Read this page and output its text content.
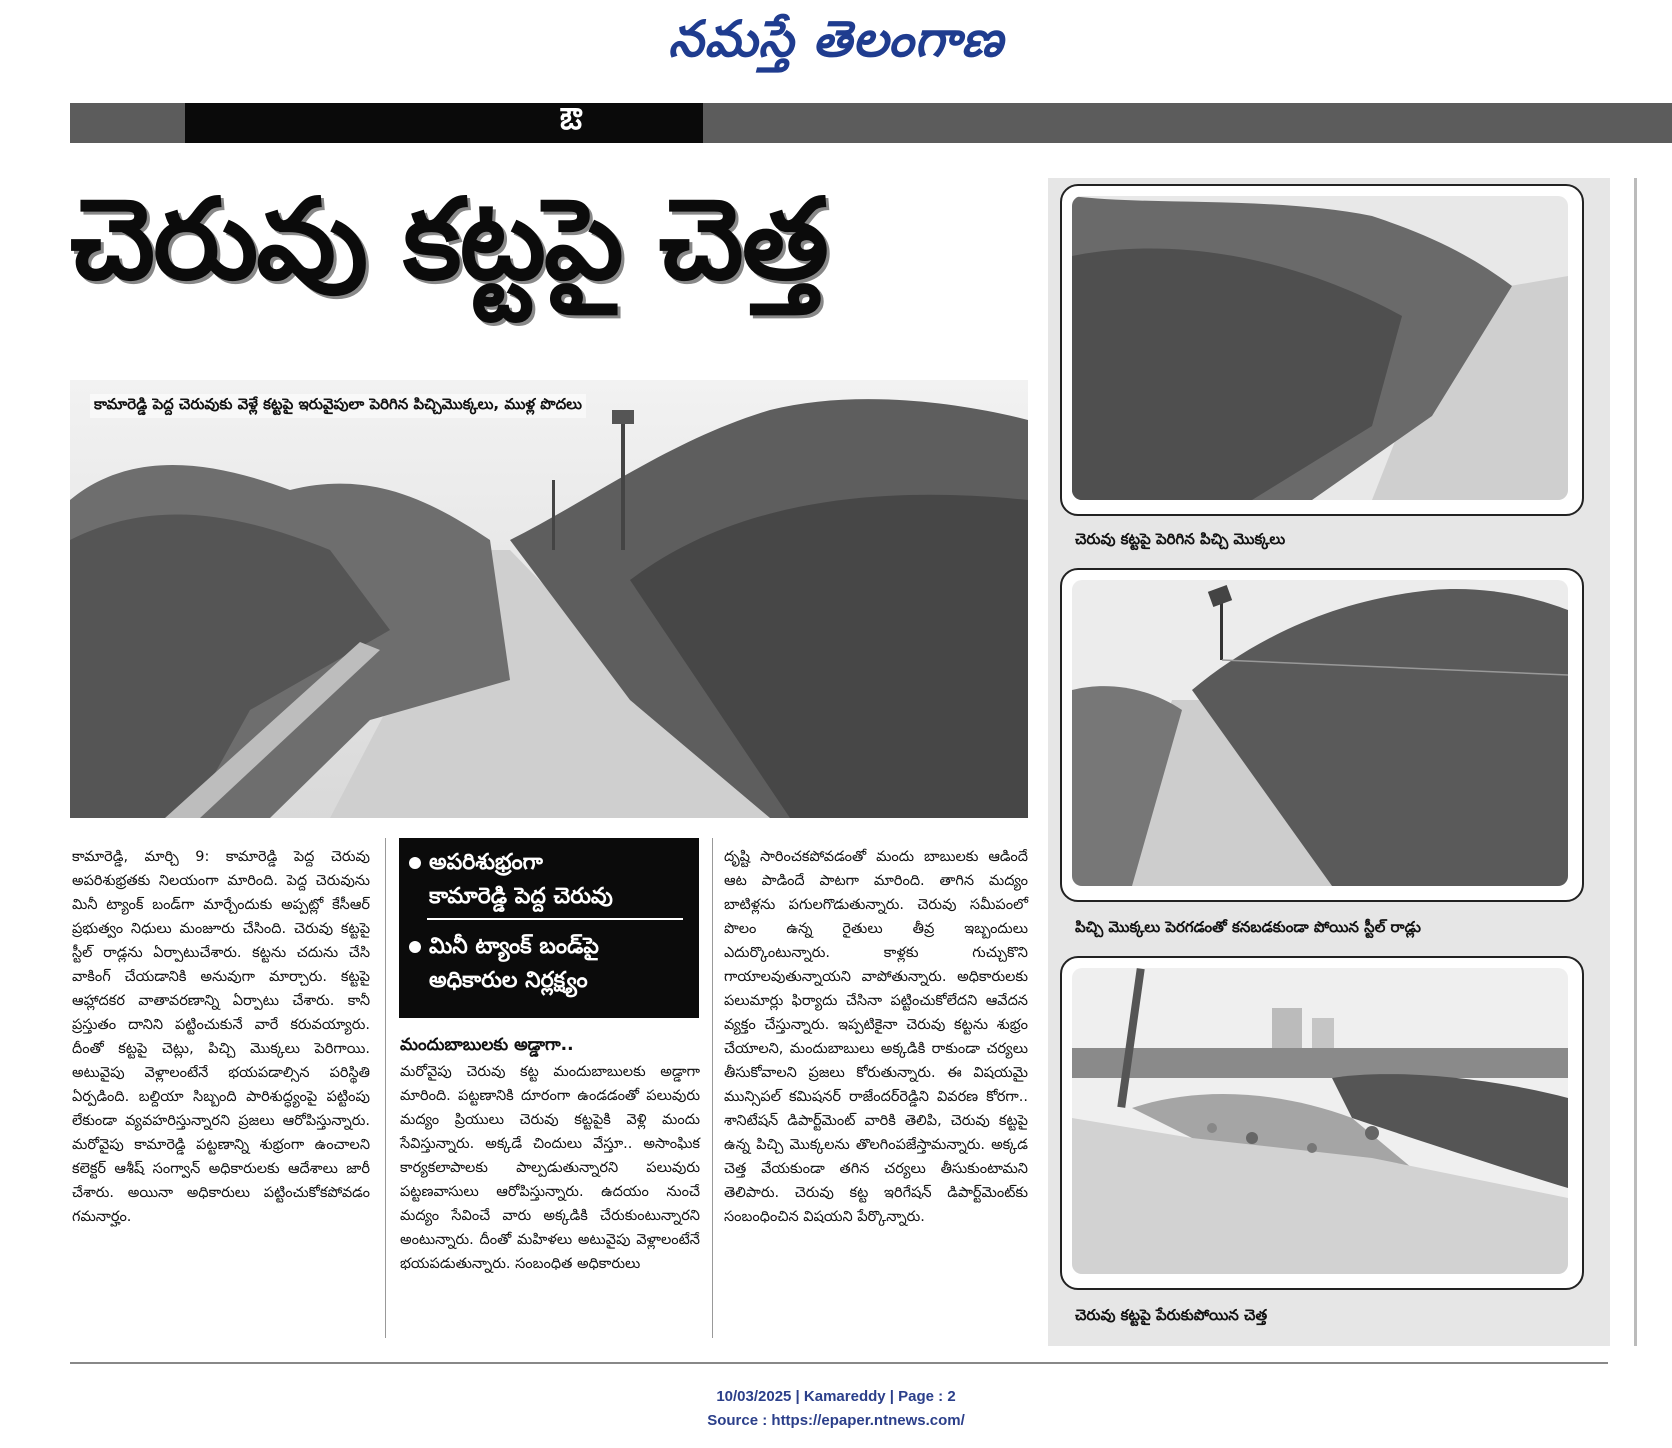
నమస్తే తెలంగాణ
ఔ
చెరువు కట్టపై చెత్త
కామారెడ్డి పెద్ద చెరువుకు వెళ్లే కట్టపై ఇరువైపులా పెరిగిన పిచ్చిమొక్కలు, ముళ్ల పొదలు
చెరువు కట్టపై పెరిగిన పిచ్చి మొక్కలు
పిచ్చి మొక్కలు పెరగడంతో కనబడకుండా పోయిన స్టీల్ రాడ్లు
చెరువు కట్టపై పేరుకుపోయిన చెత్త

కామారెడ్డి, మార్చి 9: కామారెడ్డి పెద్ద చెరువు అపరిశుభ్రతకు నిలయంగా మారింది. పెద్ద చెరువును మినీ ట్యాంక్ బండ్‌గా మార్చేందుకు అప్పట్లో కేసీఆర్ ప్రభుత్వం నిధులు మంజూరు చేసింది. చెరువు కట్టపై స్టీల్ రాడ్లను ఏర్పాటుచేశారు. కట్టను చదును చేసి వాకింగ్ చేయడానికి అనువుగా మార్చారు. కట్టపై ఆహ్లాదకర వాతావరణాన్ని ఏర్పాటు చేశారు. కానీ ప్రస్తుతం దానిని పట్టించుకునే వారే కరువయ్యారు. దీంతో కట్టపై చెట్లు, పిచ్చి మొక్కలు పెరిగాయి. అటువైపు వెళ్లాలంటేనే భయపడాల్సిన పరిస్థితి ఏర్పడింది. బల్దియా సిబ్బంది పారిశుద్ధ్యంపై పట్టింపు లేకుండా వ్యవహరిస్తున్నారని ప్రజలు ఆరోపిస్తున్నారు. మరోవైపు కామారెడ్డి పట్టణాన్ని శుభ్రంగా ఉంచాలని కలెక్టర్ ఆశీష్ సంగ్వాన్ అధికారులకు ఆదేశాలు జారీ చేశారు. అయినా అధికారులు పట్టించుకోకపోవడం గమనార్హం.

అపరిశుభ్రంగా
కామారెడ్డి పెద్ద చెరువు
మినీ ట్యాంక్ బండ్‌పై
అధికారుల నిర్లక్ష్యం
మందుబాబులకు అడ్డాగా..

మరోవైపు చెరువు కట్ట మందుబాబులకు అడ్డాగా మారింది. పట్టణానికి దూరంగా ఉండడంతో పలువురు మద్యం ప్రియులు చెరువు కట్టపైకి వెళ్లి మందు సేవిస్తున్నారు. అక్కడే చిందులు వేస్తూ.. అసాంఘిక కార్యకలాపాలకు పాల్పడుతున్నారని పలువురు పట్టణవాసులు ఆరోపిస్తున్నారు. ఉదయం నుంచే మద్యం సేవించే వారు అక్కడికి చేరుకుంటున్నారని అంటున్నారు. దీంతో మహిళలు అటువైపు వెళ్లాలంటేనే భయపడుతున్నారు. సంబంధిత అధికారులు

దృష్టి సారించకపోవడంతో మందు బాబులకు ఆడిందే ఆట పాడిందే పాటగా మారింది. తాగిన మద్యం బాటిళ్లను పగులగొడుతున్నారు. చెరువు సమీపంలో పొలం ఉన్న రైతులు తీవ్ర ఇబ్బందులు ఎదుర్కొంటున్నారు. కాళ్లకు గుచ్చుకొని గాయాలవుతున్నాయని వాపోతున్నారు. అధికారులకు పలుమార్లు ఫిర్యాదు చేసినా పట్టించుకోలేదని ఆవేదన వ్యక్తం చేస్తున్నారు. ఇప్పటికైనా చెరువు కట్టను శుభ్రం చేయాలని, మందుబాబులు అక్కడికి రాకుండా చర్యలు తీసుకోవాలని ప్రజలు కోరుతున్నారు. ఈ విషయమై మున్సిపల్ కమిషనర్ రాజేందర్‌రెడ్డిని వివరణ కోరగా.. శానిటేషన్ డిపార్ట్‌మెంట్ వారికి తెలిపి, చెరువు కట్టపై ఉన్న పిచ్చి మొక్కలను తొలగింపజేస్తామన్నారు. అక్కడ చెత్త వేయకుండా తగిన చర్యలు తీసుకుంటామని తెలిపారు. చెరువు కట్ట ఇరిగేషన్ డిపార్ట్‌మెంట్‌కు సంబంధించిన విషయని పేర్కొన్నారు.

10/03/2025 | Kamareddy | Page : 2
Source : https://epaper.ntnews.com/
